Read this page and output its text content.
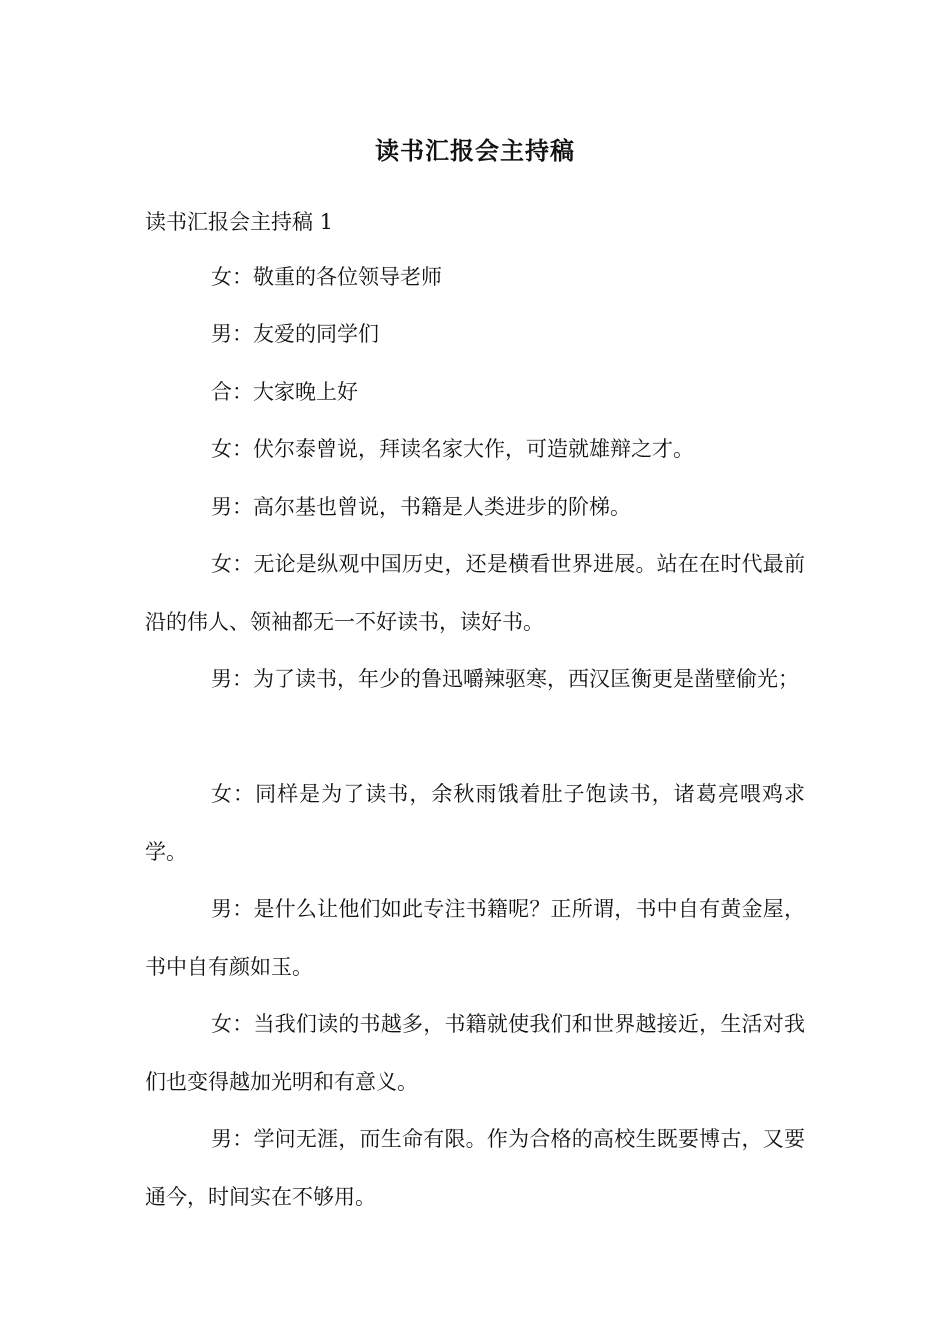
读书汇报会主持稿
读书汇报会主持稿 1

女：敬重的各位领导老师

男：友爱的同学们

合：大家晚上好

女：伏尔泰曾说，拜读名家大作，可造就雄辩之才。

男：高尔基也曾说，书籍是人类进步的阶梯。

女：无论是纵观中国历史，还是横看世界进展。站在在时代最前沿的伟人、领袖都无一不好读书，读好书。

男：为了读书，年少的鲁迅嚼辣驱寒，西汉匡衡更是凿壁偷光；

女：同样是为了读书，余秋雨饿着肚子饱读书，诸葛亮喂鸡求学。

男：是什么让他们如此专注书籍呢？正所谓，书中自有黄金屋，书中自有颜如玉。

女：当我们读的书越多，书籍就使我们和世界越接近，生活对我们也变得越加光明和有意义。

男：学问无涯，而生命有限。作为合格的高校生既要博古，又要通今，时间实在不够用。
